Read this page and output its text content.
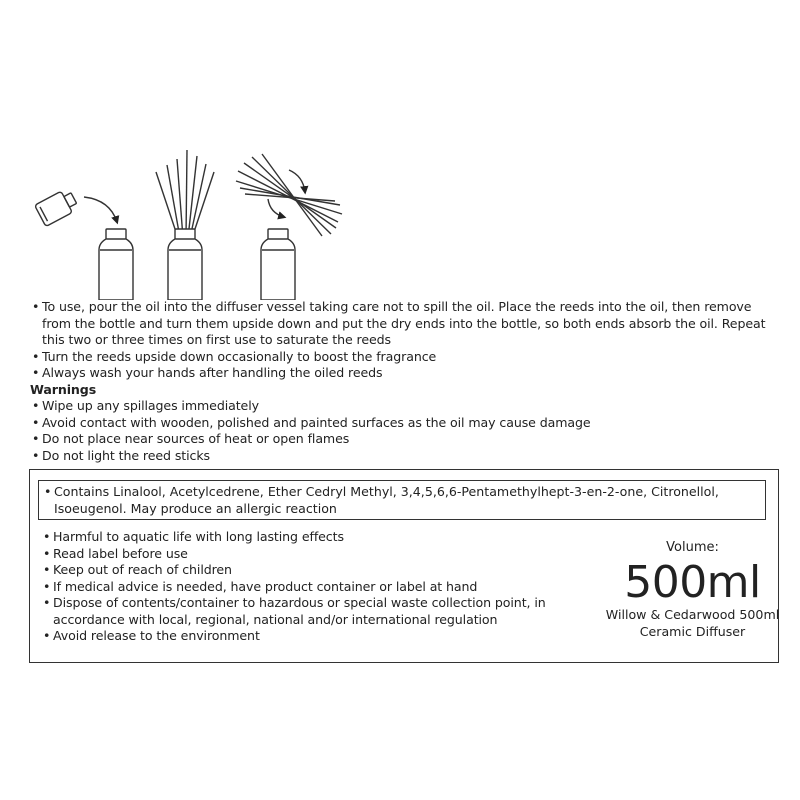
• To use, pour the oil into the diffuser vessel taking care not to spill the oil. Place the reeds into the oil, then remove from the bottle and turn them upside down and put the dry ends into the bottle, so both ends absorb the oil. Repeat this two or three times on first use to saturate the reeds
• Turn the reeds upside down occasionally to boost the fragrance
• Always wash your hands after handling the oiled reeds
Warnings
• Wipe up any spillages immediately
• Avoid contact with wooden, polished and painted surfaces as the oil may cause damage
• Do not place near sources of heat or open flames
• Do not light the reed sticks
• Contains Linalool, Acetylcedrene, Ether Cedryl Methyl, 3,4,5,6,6-Pentamethylhept-3-en-2-one, Citronellol, Isoeugenol. May produce an allergic reaction
• Harmful to aquatic life with long lasting effects
• Read label before use
• Keep out of reach of children
• If medical advice is needed, have product container or label at hand
• Dispose of contents/container to hazardous or special waste collection point, in accordance with local, regional, national and/or international regulation
• Avoid release to the environment
Volume:
500ml
Willow & Cedarwood 500ml
Ceramic Diffuser
